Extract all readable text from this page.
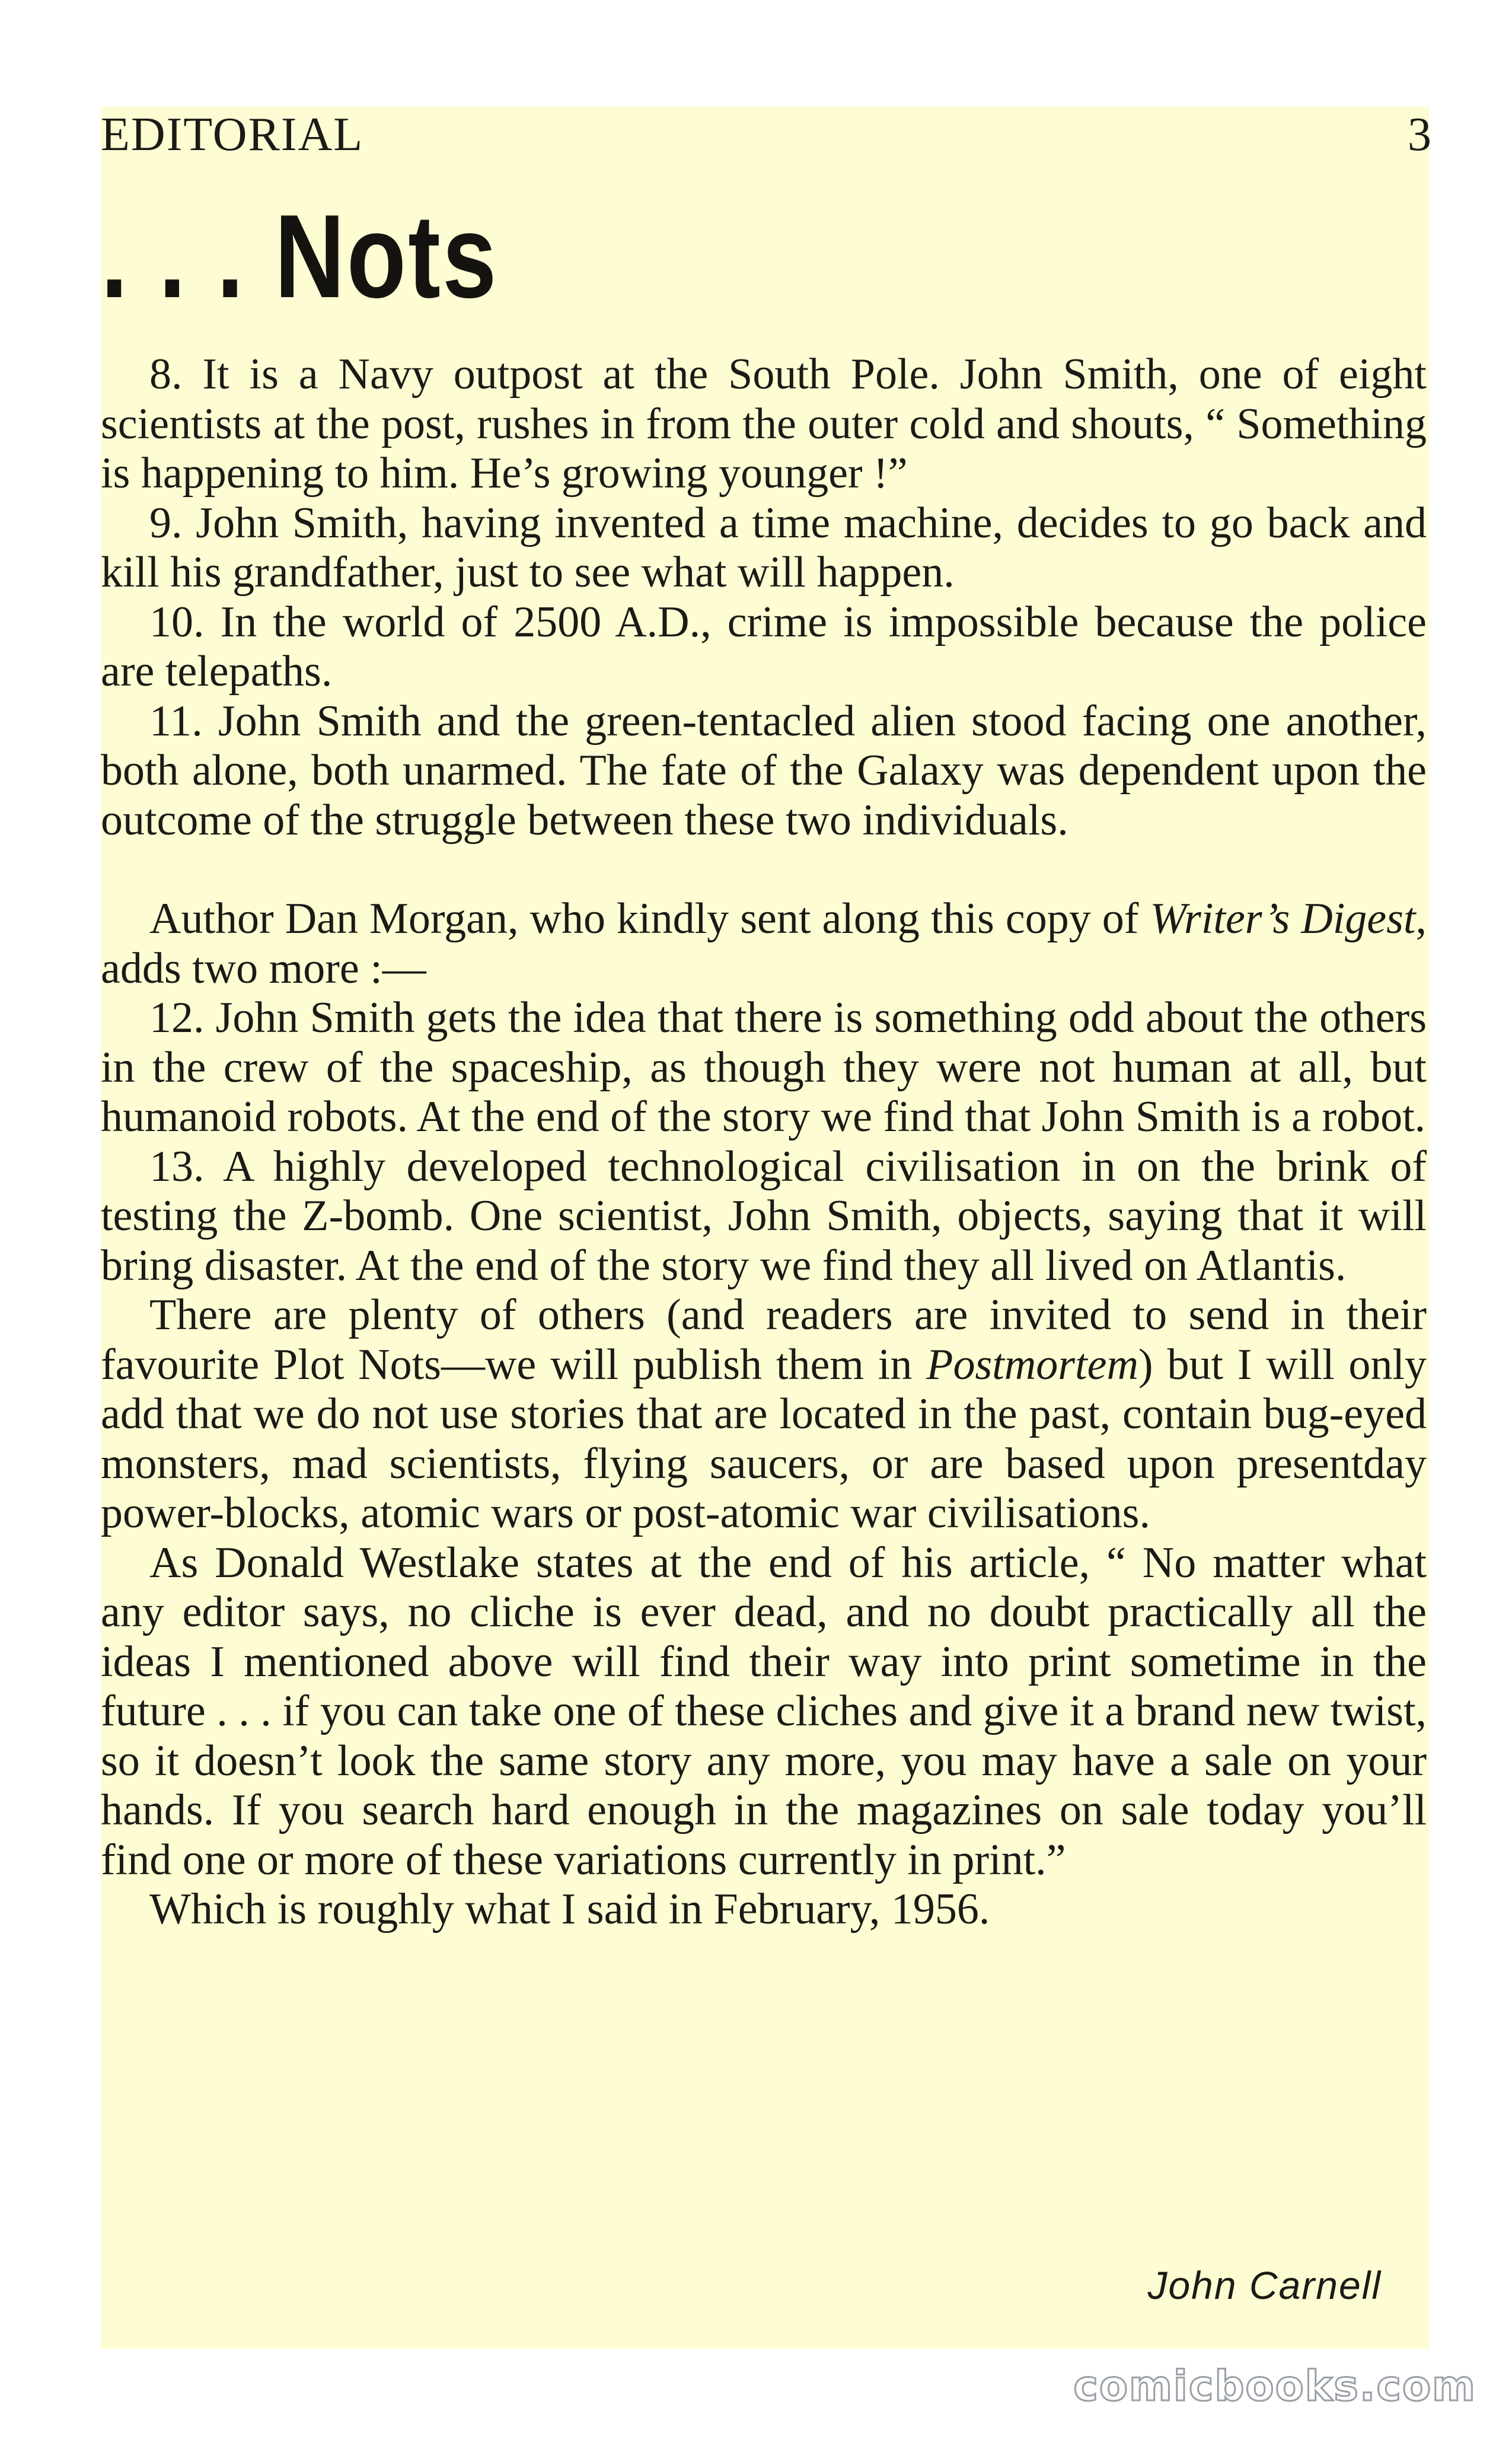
EDITORIAL	3
. . . Nots

8. It is a Navy outpost at the South Pole. John Smith, one of eight scientists at the post, rushes in from the outer cold and shouts, “ Something is happening to him. He’s growing younger !”

9. John Smith, having invented a time machine, decides to go back and kill his grandfather, just to see what will happen.

10. In the world of 2500 A.D., crime is impossible because the police are telepaths.

11. John Smith and the green-tentacled alien stood facing one another, both alone, both unarmed. The fate of the Galaxy was dependent upon the outcome of the struggle between these two individuals.

Author Dan Morgan, who kindly sent along this copy of Writer’s Digest, adds two more :—

12. John Smith gets the idea that there is something odd about the others in the crew of the spaceship, as though they were not human at all, but humanoid robots. At the end of the story we find that John Smith is a robot.

13. A highly developed technological civilisation in on the brink of testing the Z-bomb. One scientist, John Smith, objects, saying that it will bring disaster. At the end of the story we find they all lived on Atlantis.

There are plenty of others (and readers are invited to send in their favourite Plot Nots—we will publish them in Postmortem) but I will only add that we do not use stories that are located in the past, contain bug-eyed monsters, mad scientists, flying saucers, or are based upon presentday power-blocks, atomic wars or post-atomic war civilisations.

As Donald Westlake states at the end of his article, “ No matter what any editor says, no cliche is ever dead, and no doubt practically all the ideas I mentioned above will find their way into print sometime in the future . . . if you can take one of these cliches and give it a brand new twist, so it doesn’t look the same story any more, you may have a sale on your hands. If you search hard enough in the magazines on sale today you’ll find one or more of these variations currently in print.”

Which is roughly what I said in February, 1956.

John Carnell
comicbooks.com
